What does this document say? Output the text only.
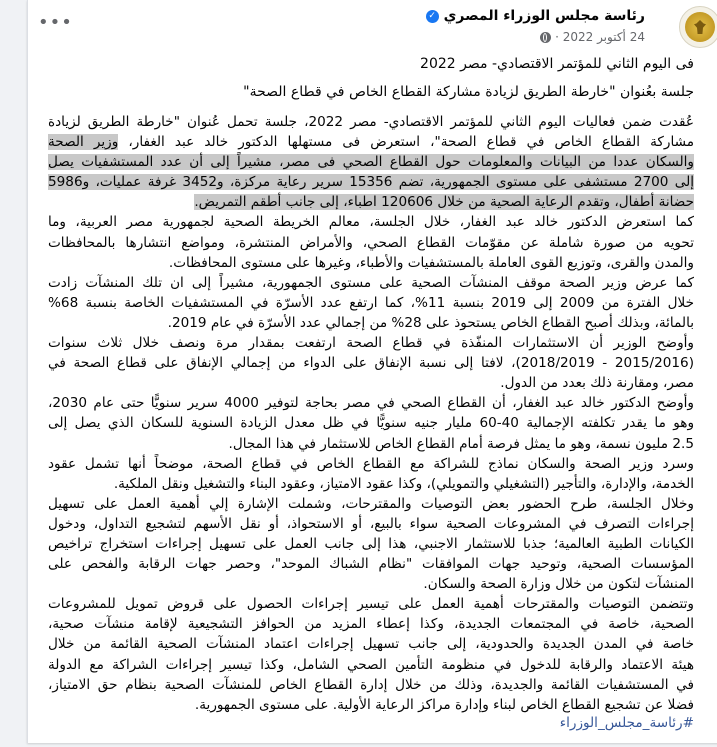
•••	رئاسة مجلس الوزراء المصري
✓
24 أكتوبر 2022 ·
فى اليوم الثاني للمؤتمر الاقتصادي- مصر 2022
جلسة بعُنوان "خارطة الطريق لزيادة مشاركة القطاع الخاص في قطاع الصحة"
عُقدت ضمن فعاليات اليوم الثاني للمؤتمر الاقتصادي- مصر 2022، جلسة تحمل عُنوان "خارطة الطريق لزيادة
مشاركة القطاع الخاص في قطاع الصحة"، استعرض فى مستهلها الدكتور خالد عبد الغفار، وزير الصحة
والسكان عددا من البيانات والمعلومات حول القطاع الصحي فى مصر، مشيراً إلى أن عدد المستشفيات يصل
إلى 2700 مستشفى على مستوى الجمهورية، تضم 15356 سرير رعاية مركزة، و3452 غرفة عمليات، و5986
حضانة أطفال، وتقدم الرعاية الصحية من خلال 120606 اطباء، إلى جانب أطقم التمريض.
كما استعرض الدكتور خالد عبد الغفار، خلال الجلسة، معالم الخريطة الصحية لجمهورية مصر العربية، وما
تحويه من صورة شاملة عن مقوّمات القطاع الصحي، والأمراض المنتشرة، ومواضع انتشارها بالمحافظات
والمدن والقرى، وتوزيع القوى العاملة بالمستشفيات والأطباء، وغيرها على مستوى المحافظات.
كما عرض وزير الصحة موقف المنشآت الصحية على مستوى الجمهورية، مشيراً إلى ان تلك المنشآت زادت
خلال الفترة من 2009 إلى 2019 بنسبة 11%، كما ارتفع عدد الأسرّة في المستشفيات الخاصة بنسبة 68%
بالمائة، وبذلك أصبح القطاع الخاص يستحوذ على 28% من إجمالي عدد الأسرّة في عام 2019.
وأوضح الوزير أن الاستثمارات المنفّذة في قطاع الصحة ارتفعت بمقدار مرة ونصف خلال ثلاث سنوات
(2015/2016 - 2018/2019)، لافتا إلى نسبة الإنفاق على الدواء من إجمالي الإنفاق على قطاع الصحة في
مصر، ومقارنة ذلك بعدد من الدول.
وأوضح الدكتور خالد عبد الغفار، أن القطاع الصحي في مصر بحاجة لتوفير 4000 سرير سنويًّا حتى عام 2030،
وهو ما يقدر تكلفته الإجمالية 40-60 مليار جنيه سنويًّا في ظل معدل الزيادة السنوية للسكان الذي يصل إلى
2.5 مليون نسمة، وهو ما يمثل فرصة أمام القطاع الخاص للاستثمار في هذا المجال.
وسرد وزير الصحة والسكان نماذج للشراكة مع القطاع الخاص في قطاع الصحة، موضحاً أنها تشمل عقود
الخدمة، والإدارة، والتأجير (التشغيلي والتمويلي)، وكذا عقود الامتياز، وعقود البناء والتشغيل ونقل الملكية.
وخلال الجلسة، طرح الحضور بعض التوصيات والمقترحات، وشملت الإشارة إلي أهمية العمل على تسهيل
إجراءات التصرف في المشروعات الصحية سواء بالبيع، أو الاستحواذ، أو نقل الأسهم لتشجيع التداول، ودخول
الكيانات الطبية العالمية؛ جذبا للاستثمار الاجنبي، هذا إلى جانب العمل على تسهيل إجراءات استخراج تراخيص
المؤسسات الصحية، وتوحيد جهات الموافقات "نظام الشباك الموحد"، وحصر جهات الرقابة والفحص على
المنشآت لتكون من خلال وزارة الصحة والسكان.
وتتضمن التوصيات والمقترحات أهمية العمل على تيسير إجراءات الحصول على قروض تمويل للمشروعات
الصحية، خاصة في المجتمعات الجديدة، وكذا إعطاء المزيد من الحوافز التشجيعية لإقامة منشآت صحية،
خاصة في المدن الجديدة والحدودية، إلى جانب تسهيل إجراءات اعتماد المنشآت الصحية القائمة من خلال
هيئة الاعتماد والرقابة للدخول في منظومة التأمين الصحي الشامل، وكذا تيسير إجراءات الشراكة مع الدولة
في المستشفيات القائمة والجديدة، وذلك من خلال إدارة القطاع الخاص للمنشآت الصحية بنظام حق الامتياز،
فضلا عن تشجيع القطاع الخاص لبناء وإدارة مراكز الرعاية الأولية. على مستوى الجمهورية.
#رئاسة_مجلس_الوزراء
